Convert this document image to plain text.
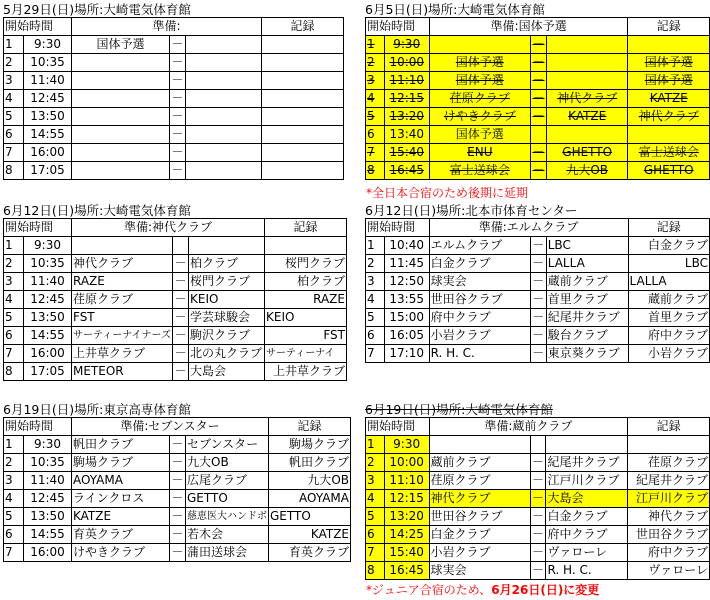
5月29日(日)場所:大崎電気体育館
開始時間		準備:			記録
1	9:30	国体予選	－		
2	10:35		－		
3	11:40		－		
4	12:45		－		
5	13:50		－		
6	14:55		－		
7	16:00		－		
8	17:05		－		
6月5日(日)場所:大崎電気体育館
開始時間		準備:国体予選			記録
1	9:30		－		
2	10:00	国体予選	－		国体予選
3	11:10	国体予選	－		国体予選
4	12:15	荏原クラブ	－	神代クラブ	KATZE
5	13:20	けやきクラブ	－	KATZE	神代クラブ
6	13:40	国体予選			
7	15:40	ENU	－	GHETTO	富士送球会
8	16:45	富士送球会	－	九大OB	GHETTO
*全日本合宿のため後期に延期
6月12日(日)場所:大崎電気体育館
開始時間		準備:神代クラブ			記録
1	9:30				
2	10:35	神代クラブ	－	柏クラブ	桜門クラブ
3	11:40	RAZE	－	桜門クラブ	柏クラブ
4	12:45	荏原クラブ	－	KEIO	RAZE
5	13:50	FST	－	学芸球駿会	KEIO
6	14:55	サーティーナイナーズ	－	駒沢クラブ	FST
7	16:00	上井草クラブ	－	北の丸クラブ	サーティーナイ
8	17:05	METEOR	－	大島会	上井草クラブ
6月12日(日)場所:北本市体育センター
開始時間		準備:エルムクラブ			記録
1	10:40	エルムクラブ	－	LBC	白金クラブ
2	11:45	白金クラブ	－	LALLA	LBC
3	12:50	球実会	－	蔵前クラブ	LALLA
4	13:55	世田谷クラブ	－	首里クラブ	蔵前クラブ
5	15:00	府中クラブ	－	紀尾井クラブ	首里クラブ
6	16:05	小岩クラブ	－	駿台クラブ	府中クラブ
7	17:10	R. H. C.	－	東京葵クラブ	小岩クラブ
6月19日(日)場所:東京高専体育館
開始時間		準備:セブンスター			記録
1	9:30	帆田クラブ	－	セブンスター	駒場クラブ
2	10:35	駒場クラブ	－	九大OB	帆田クラブ
3	11:40	AOYAMA	－	広尾クラブ	九大OB
4	12:45	ラインクロス	－	GETTO	AOYAMA
5	13:50	KATZE	－	慈恵医大ハンドボ	GETTO
6	14:55	育英クラブ	－	若木会	KATZE
7	16:00	けやきクラブ	－	蒲田送球会	育英クラブ
6月19日(日)場所:大崎電気体育館
開始時間		準備:蔵前クラブ			記録
1	9:30				
2	10:00	蔵前クラブ	－	紀尾井クラブ	荏原クラブ
3	11:10	荏原クラブ	－	江戸川クラブ	紀尾井クラブ
4	12:15	神代クラブ	－	大島会	江戸川クラブ
5	13:20	世田谷クラブ	－	白金クラブ	神代クラブ
6	14:25	白金クラブ	－	府中クラブ	世田谷クラブ
7	15:40	小岩クラブ	－	ヴァローレ	府中クラブ
8	16:45	球実会	－	R. H. C.	ヴァローレ
*ジュニア合宿のため、6月26日(日)に変更
